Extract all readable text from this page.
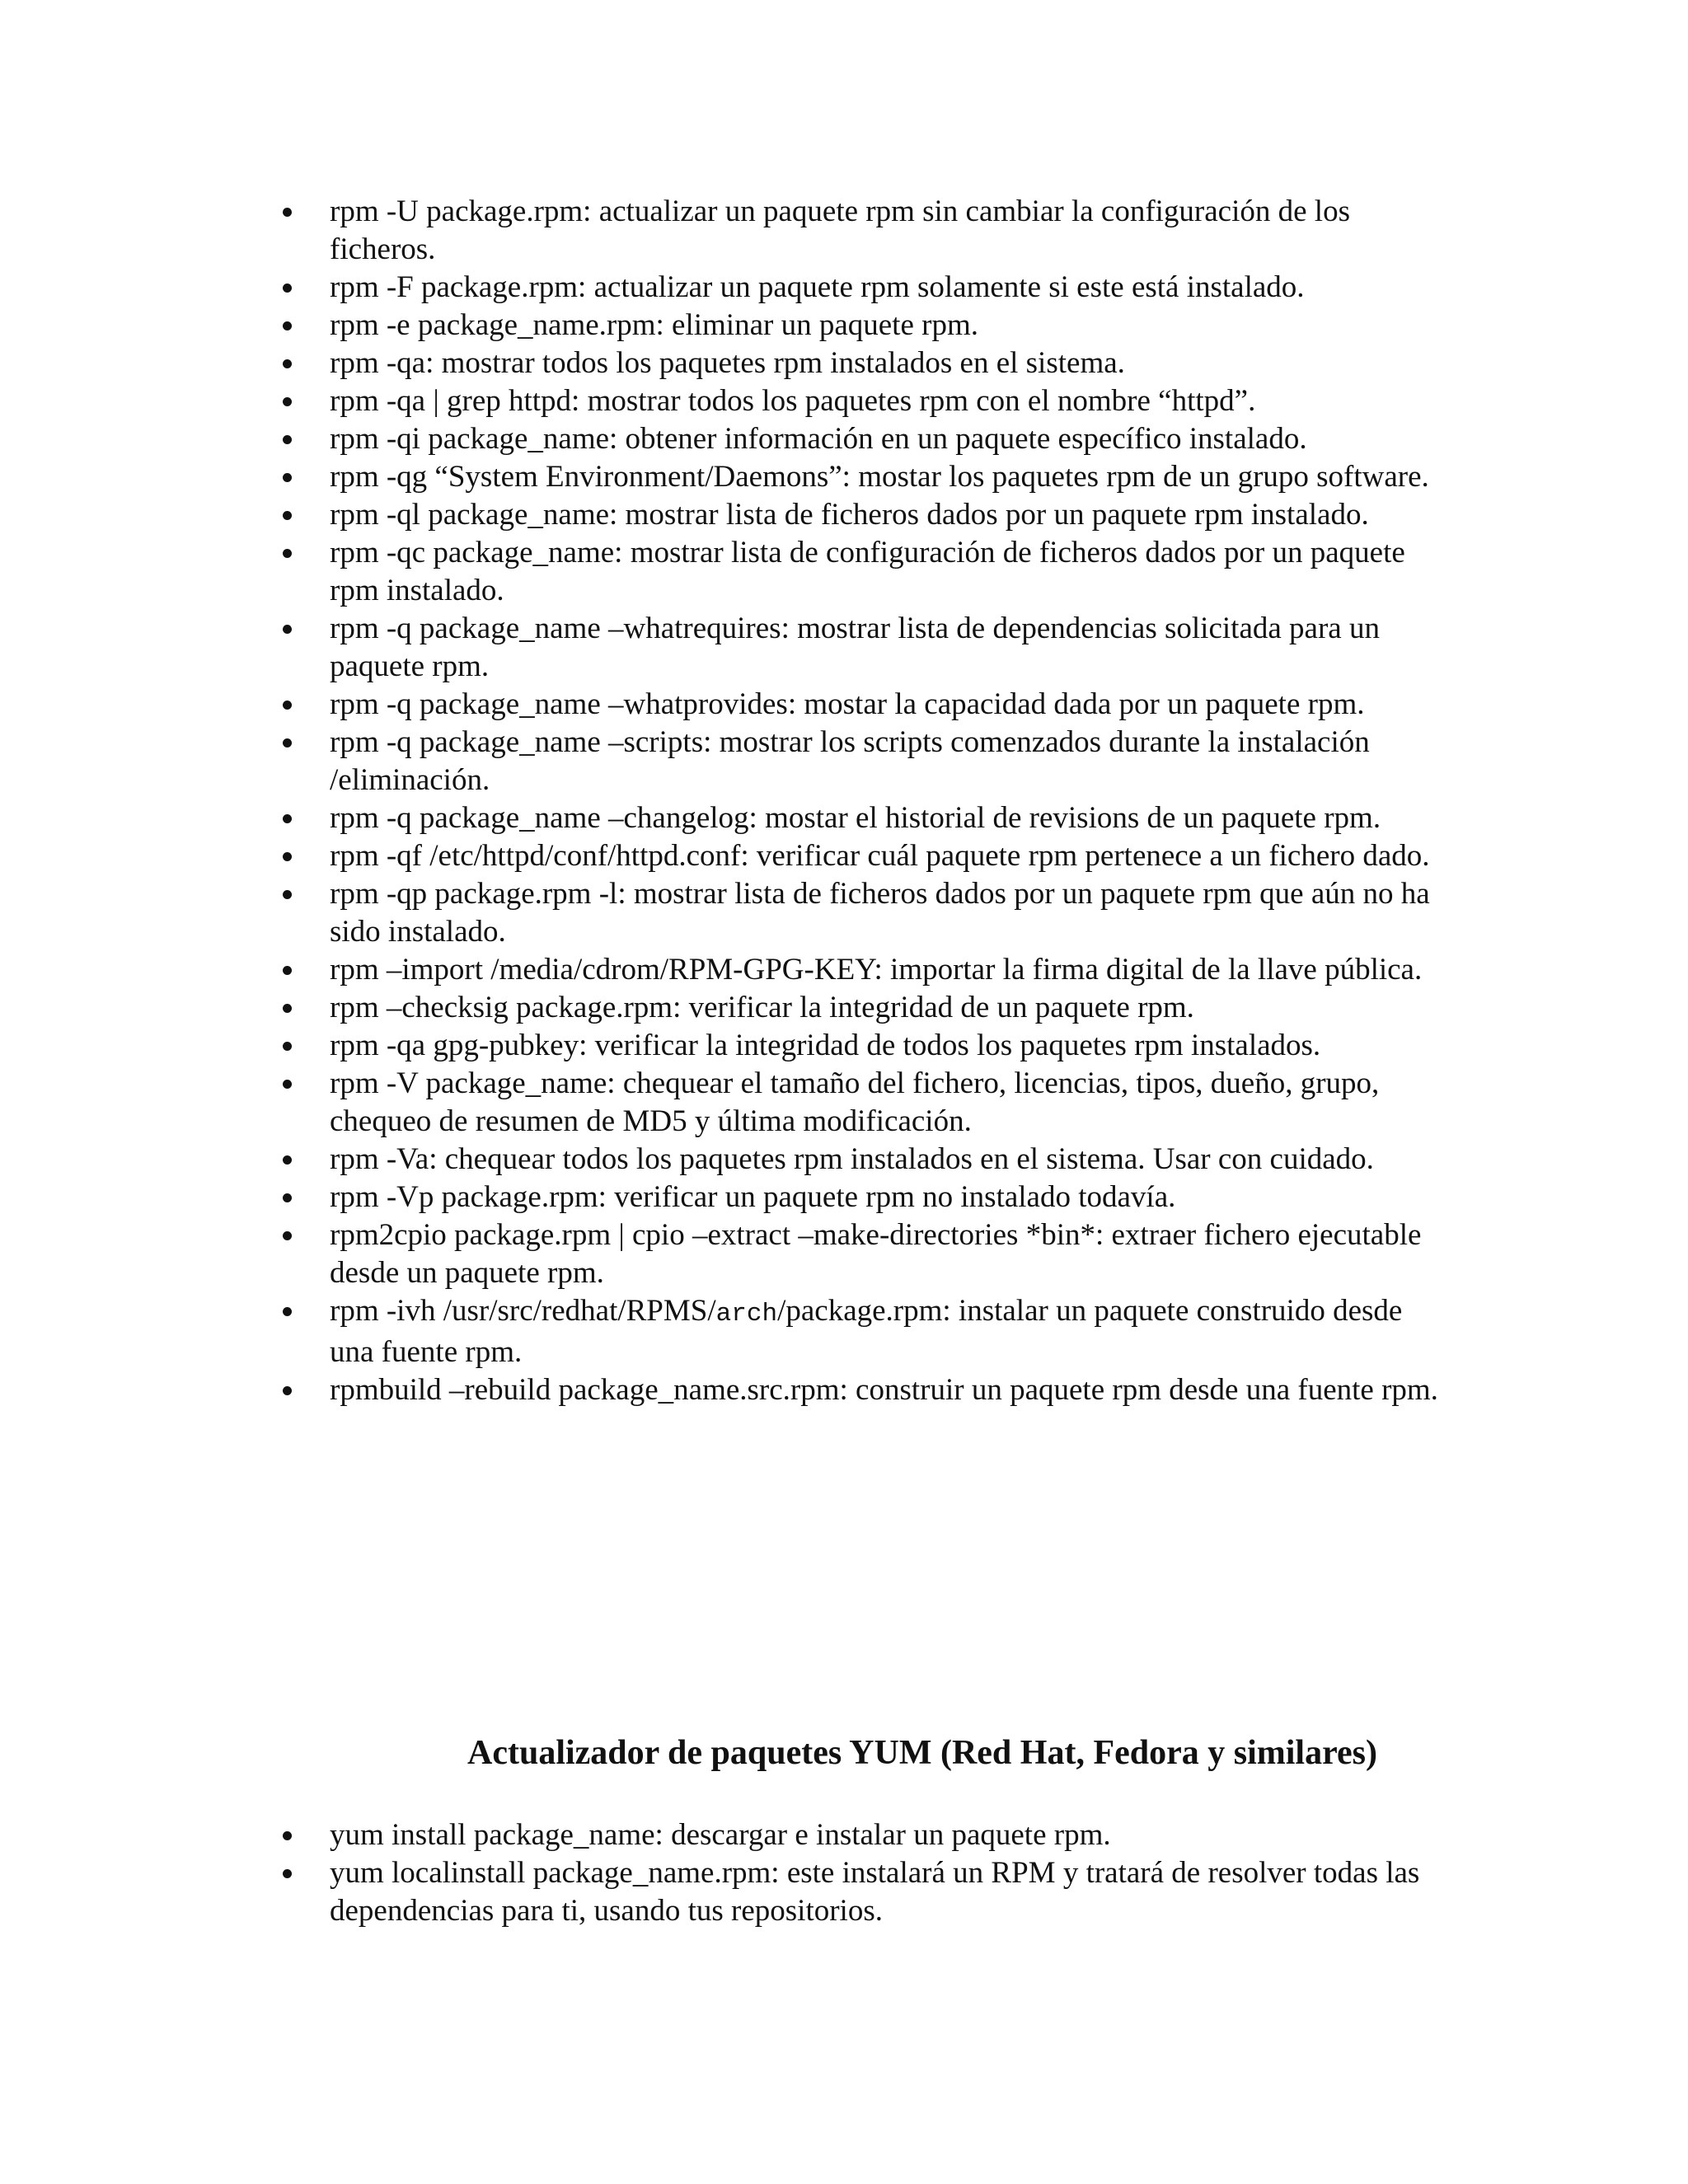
rpm -U package.rpm: actualizar un paquete rpm sin cambiar la configuración de los ficheros.
rpm -F package.rpm: actualizar un paquete rpm solamente si este está instalado.
rpm -e package_name.rpm: eliminar un paquete rpm.
rpm -qa: mostrar todos los paquetes rpm instalados en el sistema.
rpm -qa | grep httpd: mostrar todos los paquetes rpm con el nombre “httpd”.
rpm -qi package_name: obtener información en un paquete específico instalado.
rpm -qg “System Environment/Daemons”: mostar los paquetes rpm de un grupo software.
rpm -ql package_name: mostrar lista de ficheros dados por un paquete rpm instalado.
rpm -qc package_name: mostrar lista de configuración de ficheros dados por un paquete rpm instalado.
rpm -q package_name –whatrequires: mostrar lista de dependencias solicitada para un paquete rpm.
rpm -q package_name –whatprovides: mostar la capacidad dada por un paquete rpm.
rpm -q package_name –scripts: mostrar los scripts comenzados durante la instalación /eliminación.
rpm -q package_name –changelog: mostar el historial de revisions de un paquete rpm.
rpm -qf /etc/httpd/conf/httpd.conf: verificar cuál paquete rpm pertenece a un fichero dado.
rpm -qp package.rpm -l: mostrar lista de ficheros dados por un paquete rpm que aún no ha sido instalado.
rpm –import /media/cdrom/RPM-GPG-KEY: importar la firma digital de la llave pública.
rpm –checksig package.rpm: verificar la integridad de un paquete rpm.
rpm -qa gpg-pubkey: verificar la integridad de todos los paquetes rpm instalados.
rpm -V package_name: chequear el tamaño del fichero, licencias, tipos, dueño, grupo, chequeo de resumen de MD5 y última modificación.
rpm -Va: chequear todos los paquetes rpm instalados en el sistema. Usar con cuidado.
rpm -Vp package.rpm: verificar un paquete rpm no instalado todavía.
rpm2cpio package.rpm | cpio –extract –make-directories *bin*: extraer fichero ejecutable desde un paquete rpm.
rpm -ivh /usr/src/redhat/RPMS/arch/package.rpm: instalar un paquete construido desde una fuente rpm.
rpmbuild –rebuild package_name.src.rpm: construir un paquete rpm desde una fuente rpm.
Actualizador de paquetes YUM (Red Hat, Fedora y similares)
yum install package_name: descargar e instalar un paquete rpm.
yum localinstall package_name.rpm: este instalará un RPM y tratará de resolver todas las dependencias para ti, usando tus repositorios.
